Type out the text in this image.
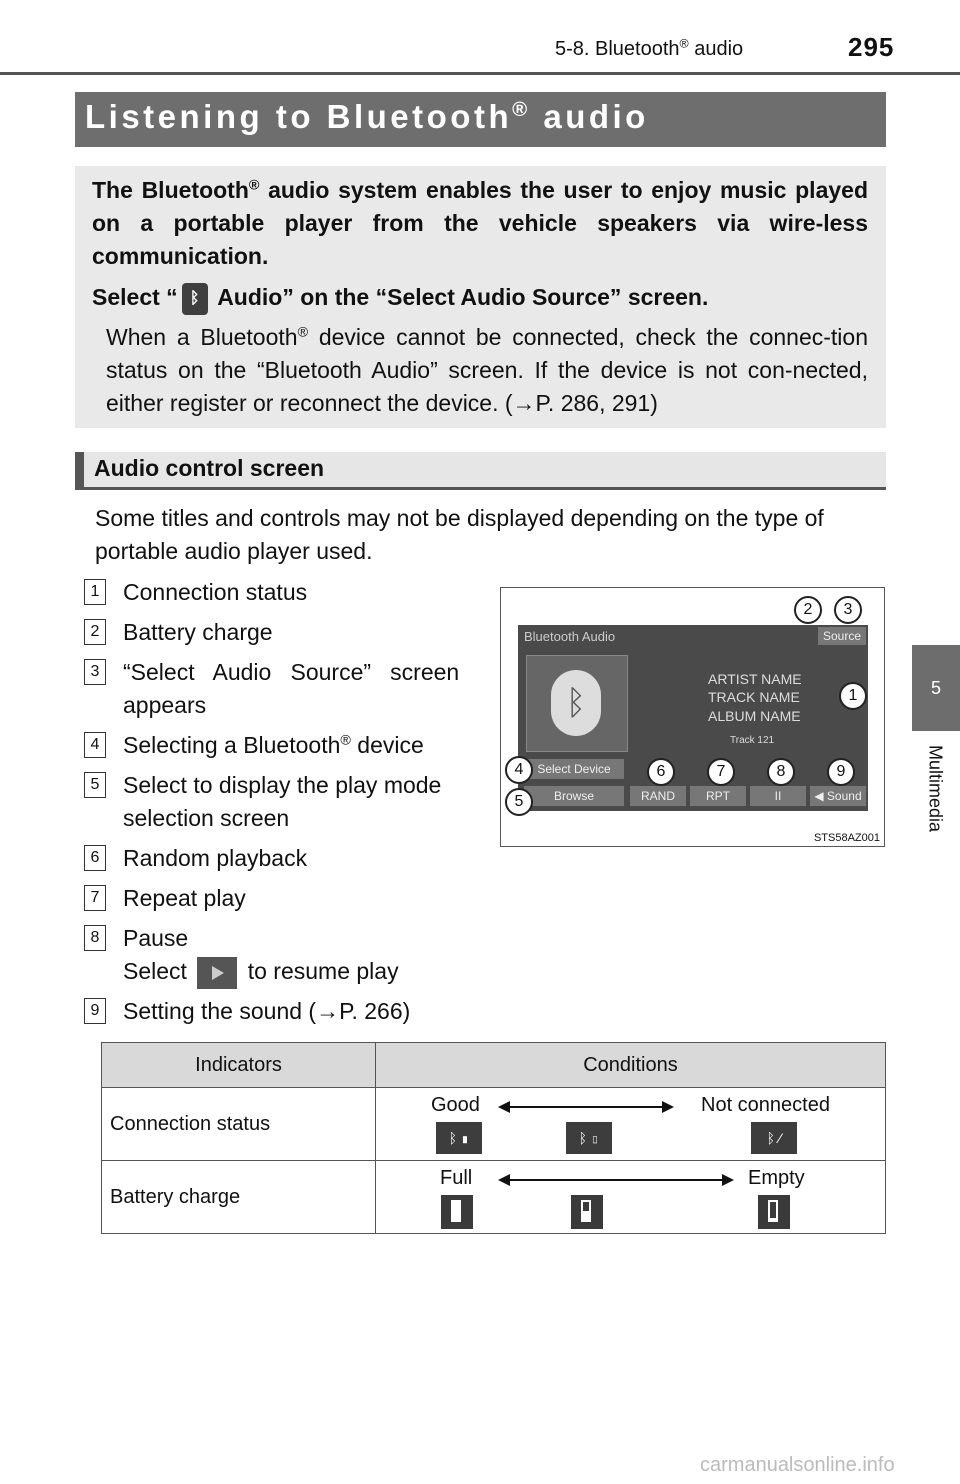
5-8. Bluetooth® audio	295
5
Multimedia
Listening to Bluetooth® audio

The Bluetooth® audio system enables the user to enjoy music played on a portable player from the vehicle speakers via wire-less communication.

Select “ ᛒ Audio” on the “Select Audio Source” screen.

When a Bluetooth® device cannot be connected, check the connec-tion status on the “Bluetooth Audio” screen. If the device is not con-nected, either register or reconnect the device. (→P. 286, 291)

Audio control screen
Some titles and controls may not be displayed depending on the type of portable audio player used.
1 Connection status
2 Battery charge
3 “Select   Audio   Source”   screen
appears
4 Selecting a Bluetooth® device
5 Select to display the play mode
selection screen
6 Random playback
7 Repeat play
8 Pause
Select  to resume play
9 Setting the sound (→P. 266)
Bluetooth Audio	Source
ᛒ
ARTIST NAME
TRACK NAME
ALBUM NAME
Track 121
Select Device
Browse	RAND	RPT	II	◀ Sound
2	3
1
4
5
6	7	8	9
STS58AZ001
Indicators	Conditions
Connection status	Good Not connected
ᛒ ▮ ᛒ ▯ ᛒ ⁄

Battery charge	Full Empty
carmanualsonline.info
